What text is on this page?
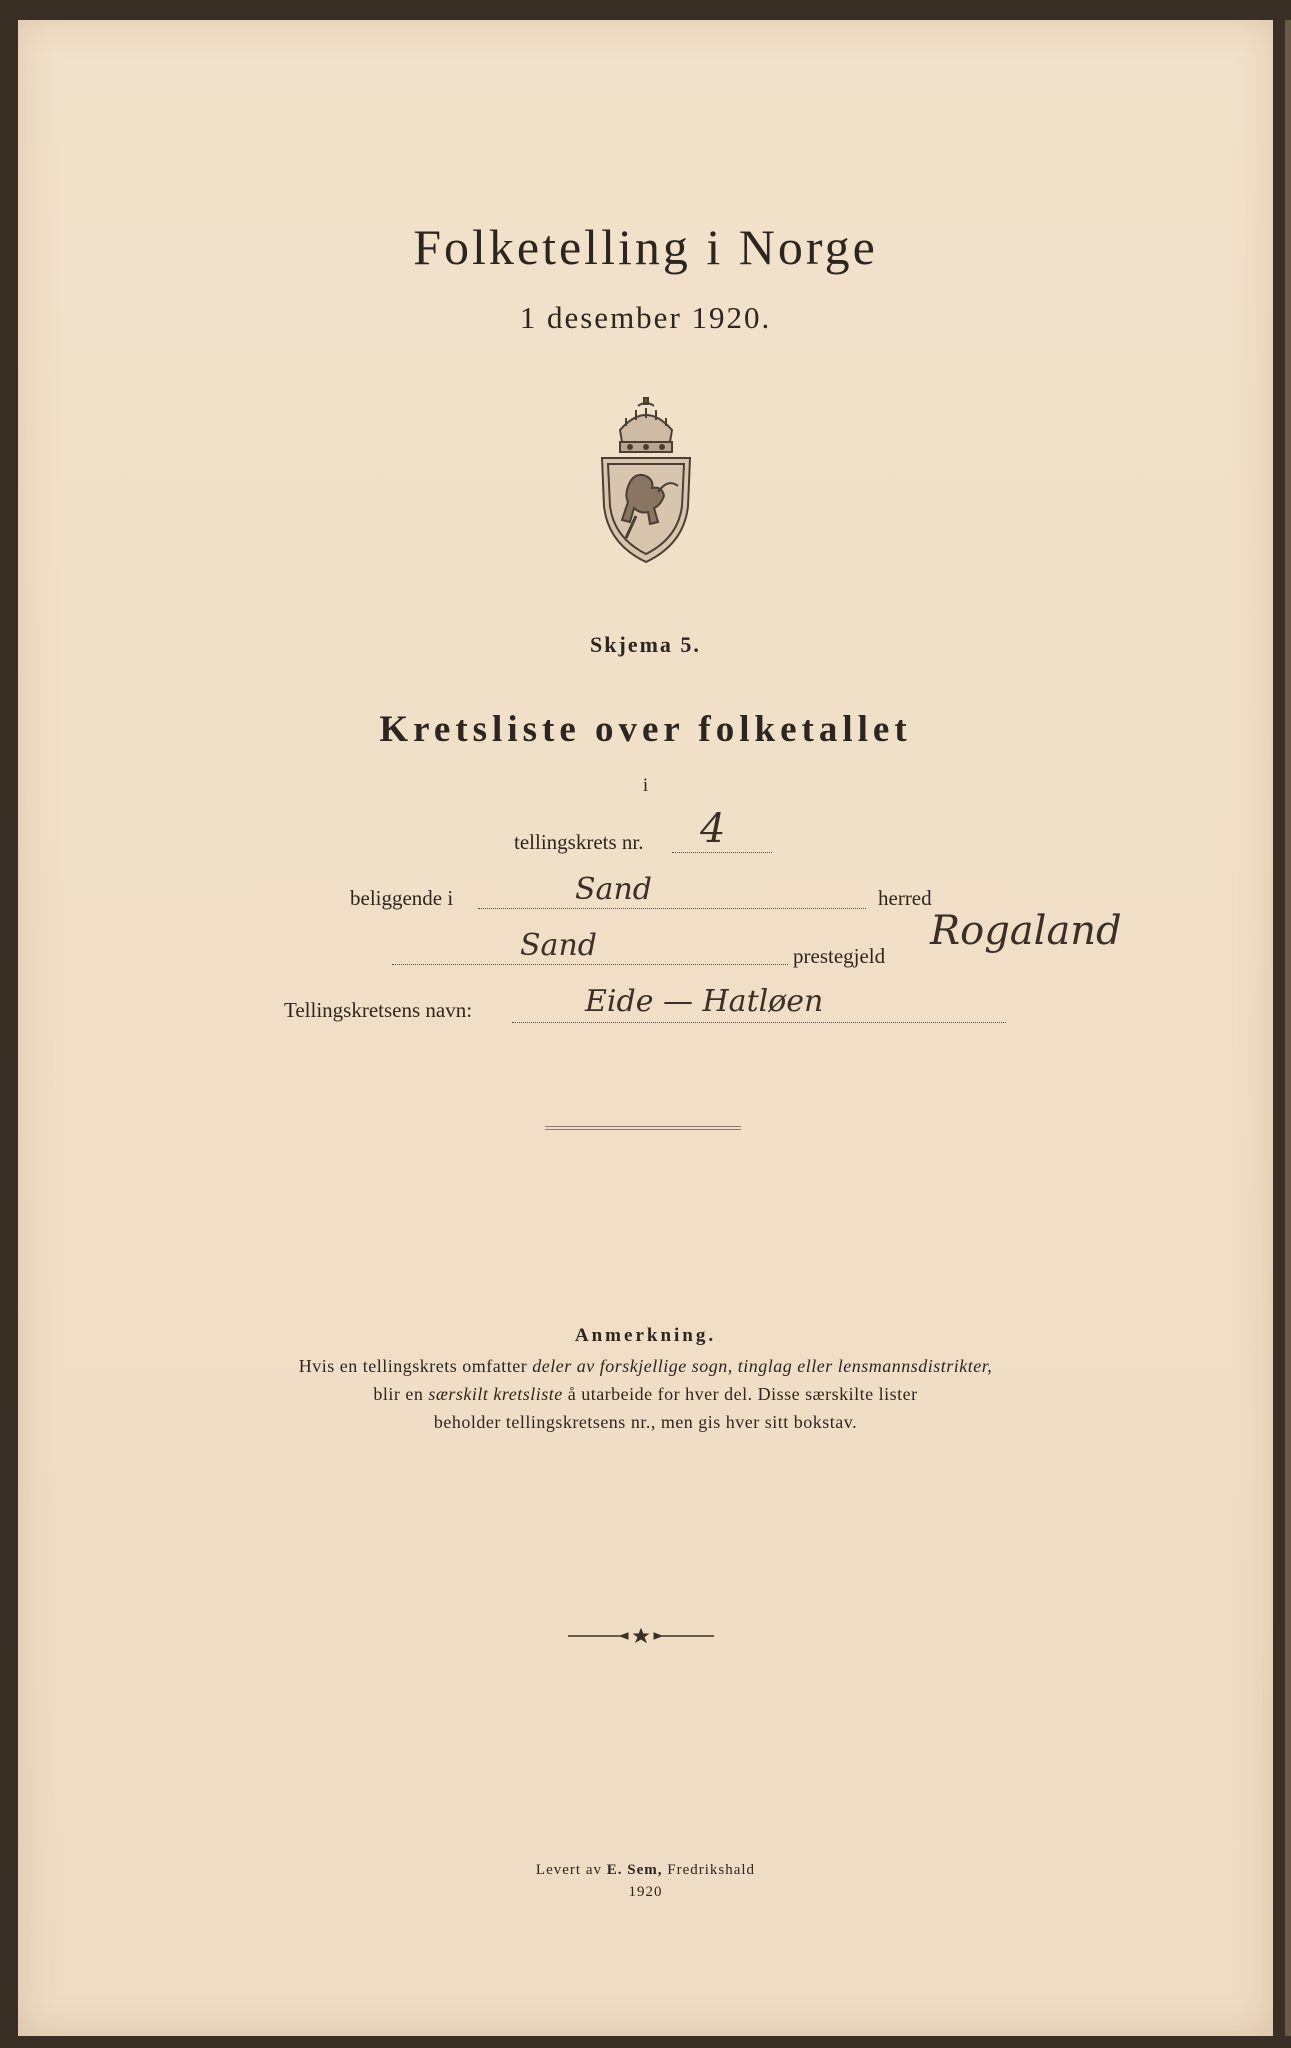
Folketelling i Norge
1 desember 1920.
Skjema 5.
Kretsliste over folketallet
i
tellingskrets nr. 4
beliggende i	Sand	herred
Sand	prestegjeld
Rogaland
Tellingskretsens navn:	Eide — Hatløen
Anmerkning.
Hvis en tellingskrets omfatter deler av forskjellige sogn, tinglag eller lensmannsdistrikter,
blir en særskilt kretsliste å utarbeide for hver del. Disse særskilte lister
beholder tellingskretsens nr., men gis hver sitt bokstav.
Levert av E. Sem, Fredrikshald
1920
